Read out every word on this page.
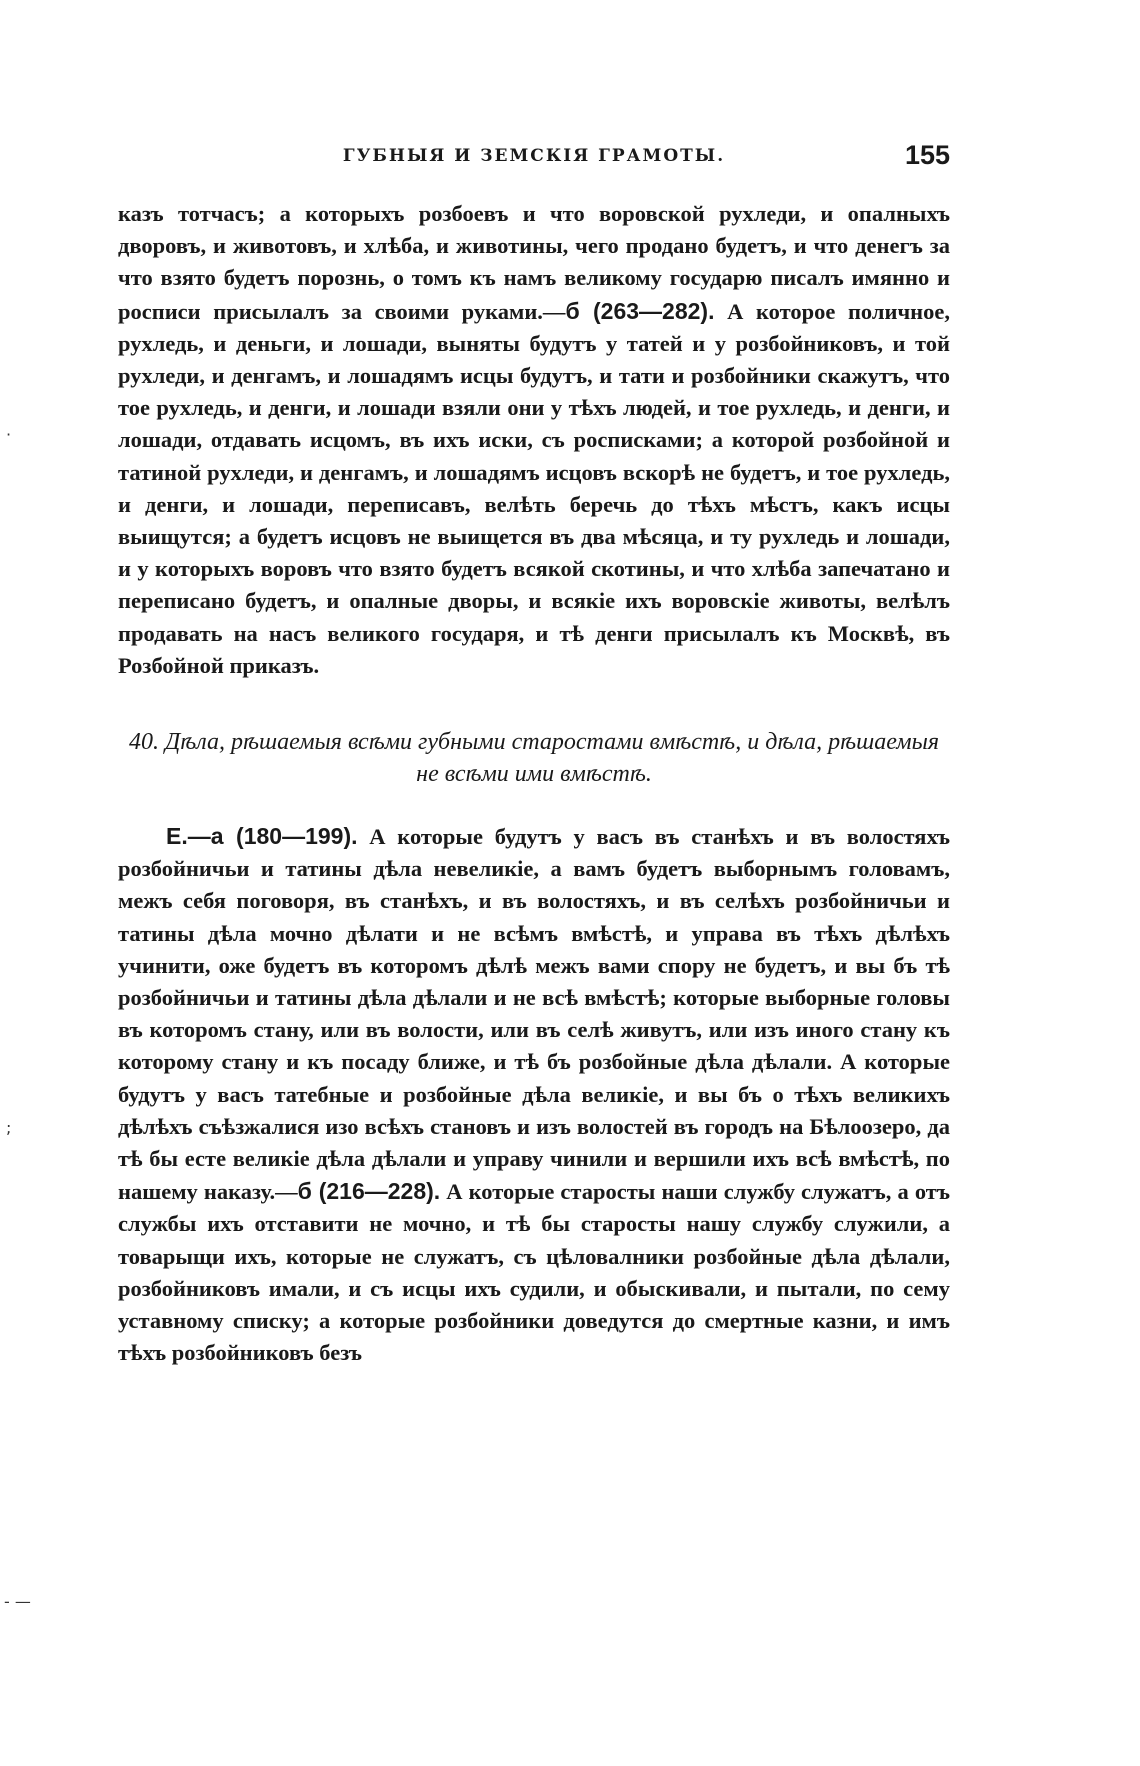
·
;
- —
ГУБНЫЯ И ЗЕМСКІЯ ГРАМОТЫ.	155

казъ тотчасъ; а которыхъ розбоевъ и что воровской рухледи, и опалныхъ дворовъ, и животовъ, и хлѣба, и животины, чего продано будетъ, и что денегъ за что взято будетъ порознь, о томъ къ намъ великому государю писалъ имянно и росписи присылалъ за своими руками.—б (263—282). А которое поличное, рухледь, и деньги, и лошади, выняты будутъ у татей и у розбойниковъ, и той рухледи, и денгамъ, и лошадямъ исцы будутъ, и тати и розбойники скажутъ, что тое рухледь, и денги, и лошади взяли они у тѣхъ людей, и тое рухледь, и денги, и лошади, отдавать исцомъ, въ ихъ иски, съ росписками; а которой розбойной и татиной рухледи, и денгамъ, и лошадямъ исцовъ вскорѣ не будетъ, и тое рухледь, и денги, и лошади, переписавъ, велѣть беречь до тѣхъ мѣстъ, какъ исцы выищутся; а будетъ исцовъ не выищется въ два мѣсяца, и ту рухледь и лошади, и у которыхъ воровъ что взято будетъ всякой скотины, и что хлѣба запечатано и переписано будетъ, и опалные дворы, и всякіе ихъ воровскіе животы, велѣлъ продавать на насъ великого государя, и тѣ денги присылалъ къ Москвѣ, въ Розбойной приказъ.

40. Дѣла, рѣшаемыя всѣми губными старостами вмѣстѣ, и дѣла, рѣшаемыя не всѣми ими вмѣстѣ.

Е.—а (180—199). А которые будутъ у васъ въ станѣхъ и въ волостяхъ розбойничьи и татины дѣла невеликіе, а вамъ будетъ выборнымъ головамъ, межъ себя поговоря, въ станѣхъ, и въ волостяхъ, и въ селѣхъ розбойничьи и татины дѣла мочно дѣлати и не всѣмъ вмѣстѣ, и управа въ тѣхъ дѣлѣхъ учинити, оже будетъ въ которомъ дѣлѣ межъ вами спору не будетъ, и вы бъ тѣ розбойничьи и татины дѣла дѣлали и не всѣ вмѣстѣ; которые выборные головы въ которомъ стану, или въ волости, или въ селѣ живутъ, или изъ иного стану къ которому стану и къ посаду ближе, и тѣ бъ розбойные дѣла дѣлали. А которые будутъ у васъ татебные и розбойные дѣла великіе, и вы бъ о тѣхъ великихъ дѣлѣхъ съѣзжалися изо всѣхъ становъ и изъ волостей въ городъ на Бѣлоозеро, да тѣ бы есте великіе дѣла дѣлали и управу чинили и вершили ихъ всѣ вмѣстѣ, по нашему наказу.—б (216—228). А которые старосты наши службу служатъ, а отъ службы ихъ отставити не мочно, и тѣ бы старосты нашу службу служили, а товарыщи ихъ, которые не служатъ, съ цѣловалники розбойные дѣла дѣлали, розбойниковъ имали, и съ исцы ихъ судили, и обыскивали, и пытали, по сему уставному списку; а которые розбойники доведутся до смертные казни, и имъ тѣхъ розбойниковъ безъ
